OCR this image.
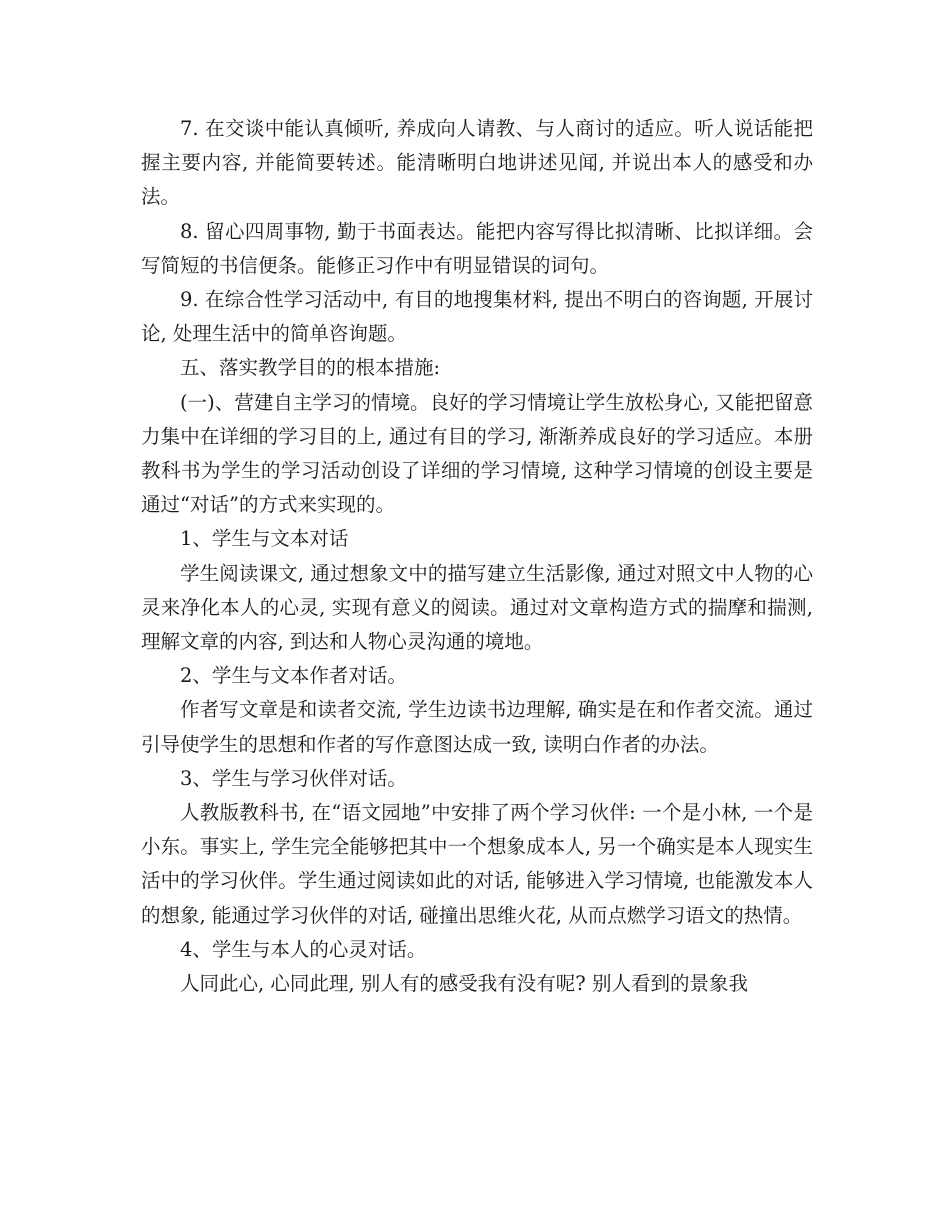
7. 在交谈中能认真倾听, 养成向人请教、与人商讨的适应。听人说话能把握主要内容, 并能简要转述。能清晰明白地讲述见闻, 并说出本人的感受和办法。

8. 留心四周事物, 勤于书面表达。能把内容写得比拟清晰、比拟详细。会写简短的书信便条。能修正习作中有明显错误的词句。

9. 在综合性学习活动中, 有目的地搜集材料, 提出不明白的咨询题, 开展讨论, 处理生活中的简单咨询题。

五、落实教学目的的根本措施:

(一)、营建自主学习的情境。良好的学习情境让学生放松身心, 又能把留意力集中在详细的学习目的上, 通过有目的学习, 渐渐养成良好的学习适应。本册教科书为学生的学习活动创设了详细的学习情境, 这种学习情境的创设主要是通过“对话”的方式来实现的。

1、学生与文本对话

学生阅读课文, 通过想象文中的描写建立生活影像, 通过对照文中人物的心灵来净化本人的心灵, 实现有意义的阅读。通过对文章构造方式的揣摩和揣测, 理解文章的内容, 到达和人物心灵沟通的境地。

2、学生与文本作者对话。

作者写文章是和读者交流, 学生边读书边理解, 确实是在和作者交流。通过引导使学生的思想和作者的写作意图达成一致, 读明白作者的办法。

3、学生与学习伙伴对话。

人教版教科书, 在“语文园地”中安排了两个学习伙伴: 一个是小林, 一个是小东。事实上, 学生完全能够把其中一个想象成本人, 另一个确实是本人现实生活中的学习伙伴。学生通过阅读如此的对话, 能够进入学习情境, 也能激发本人的想象, 能通过学习伙伴的对话, 碰撞出思维火花, 从而点燃学习语文的热情。

4、学生与本人的心灵对话。

人同此心, 心同此理, 别人有的感受我有没有呢? 别人看到的景象我
